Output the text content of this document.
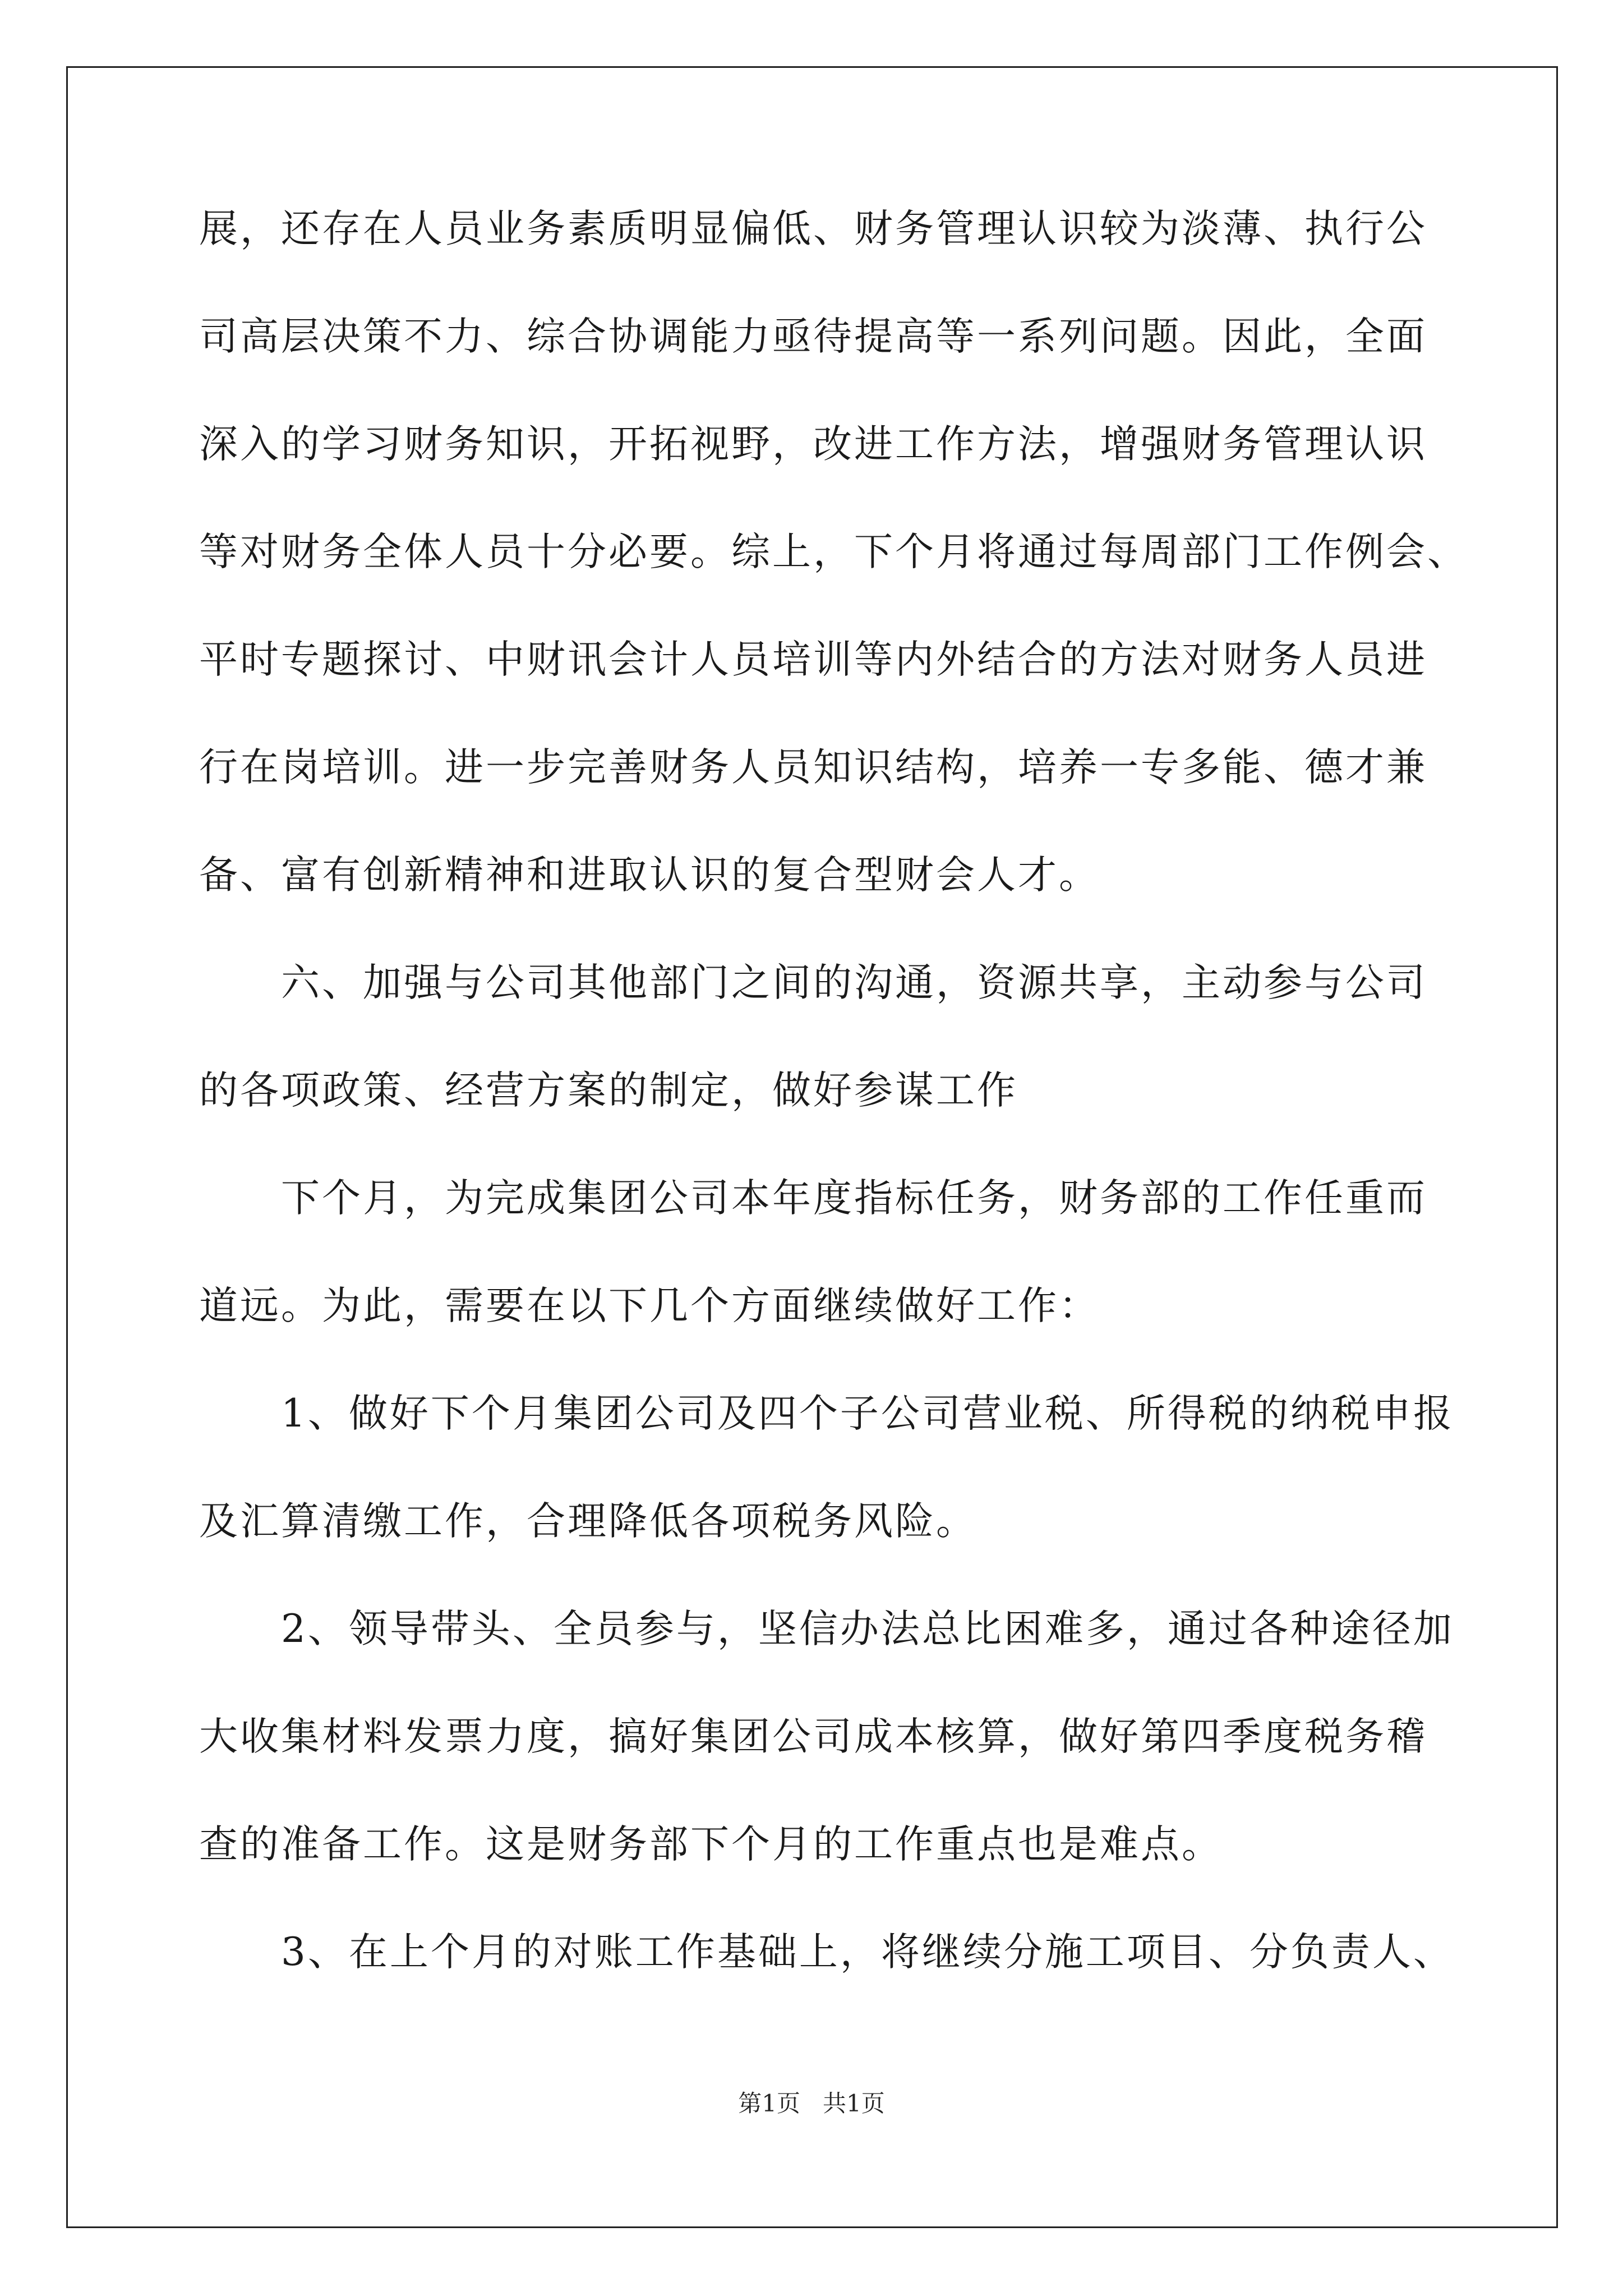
展，还存在人员业务素质明显偏低、财务管理认识较为淡薄、执行公
司高层决策不力、综合协调能力亟待提高等一系列问题。因此，全面
深入的学习财务知识，开拓视野，改进工作方法，增强财务管理认识
等对财务全体人员十分必要。综上，下个月将通过每周部门工作例会、
平时专题探讨、中财讯会计人员培训等内外结合的方法对财务人员进
行在岗培训。进一步完善财务人员知识结构，培养一专多能、德才兼
备、富有创新精神和进取认识的复合型财会人才。
六、加强与公司其他部门之间的沟通，资源共享，主动参与公司
的各项政策、经营方案的制定，做好参谋工作
下个月，为完成集团公司本年度指标任务，财务部的工作任重而
道远。为此，需要在以下几个方面继续做好工作：
1、做好下个月集团公司及四个子公司营业税、所得税的纳税申报
及汇算清缴工作，合理降低各项税务风险。
2、领导带头、全员参与，坚信办法总比困难多，通过各种途径加
大收集材料发票力度，搞好集团公司成本核算，做好第四季度税务稽
查的准备工作。这是财务部下个月的工作重点也是难点。
3、在上个月的对账工作基础上，将继续分施工项目、分负责人、
第1页   共1页
